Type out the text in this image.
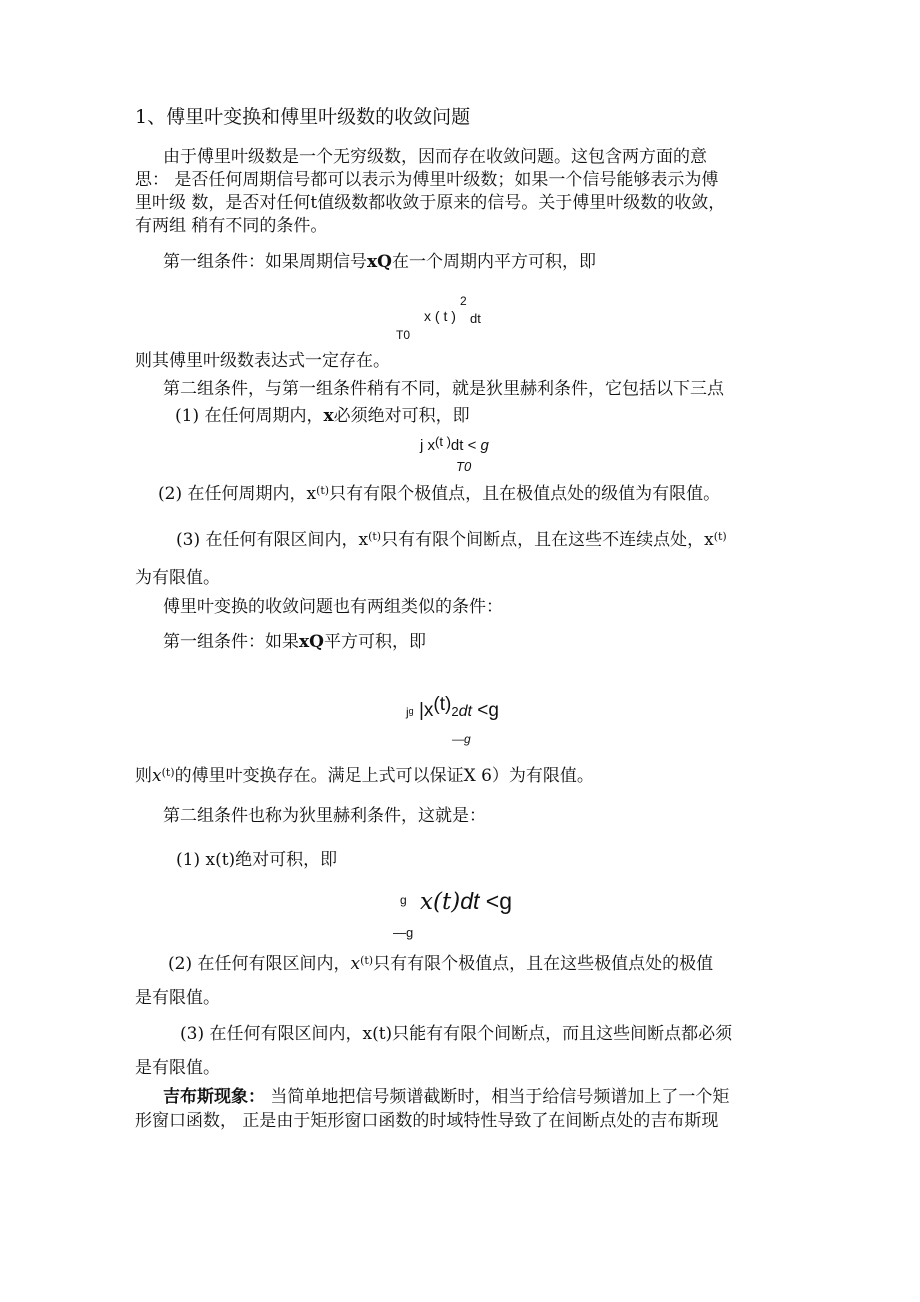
1、傅里叶变换和傅里叶级数的收敛问题
由于傅里叶级数是一个无穷级数，因而存在收敛问题。这包含两方面的意
思： 是否任何周期信号都可以表示为傅里叶级数；如果一个信号能够表示为傅
里叶级 数，是否对任何t值级数都收敛于原来的信号。关于傅里叶级数的收敛，
有两组 稍有不同的条件。
第一组条件：如果周期信号xQ在一个周期内平方可积，即
x ( t )
2
dt
T0
则其傅里叶级数表达式一定存在。
第二组条件，与第一组条件稍有不同，就是狄里赫利条件，它包括以下三点
(1) 在任何周期内，x必须绝对可积，即
j x(t )dt < g
T0
(2) 在任何周期内，$x^{(t)}$只有有限个极值点，且在极值点处的级值为有限值。
(3) 在任何有限区间内，$x^{(t)}$只有有限个间断点，且在这些不连续点处，$x^{(t)}$
为有限值。
傅里叶变换的收敛问题也有两组类似的条件：
第一组条件：如果xQ平方可积，即
jg |x(t)2dt <g
—g
则$x^{(t)}$的傅里叶变换存在。满足上式可以保证X 6）为有限值。
第二组条件也称为狄里赫利条件，这就是：
(1) x(t)绝对可积，即
g x(t)dt <g
—g
(2) 在任何有限区间内，$x^{(t)}$只有有限个极值点，且在这些极值点处的极值
是有限值。
(3) 在任何有限区间内，x(t)只能有有限个间断点，而且这些间断点都必须
是有限值。
吉布斯现象： 当简单地把信号频谱截断时，相当于给信号频谱加上了一个矩
形窗口函数， 正是由于矩形窗口函数的时域特性导致了在间断点处的吉布斯现
